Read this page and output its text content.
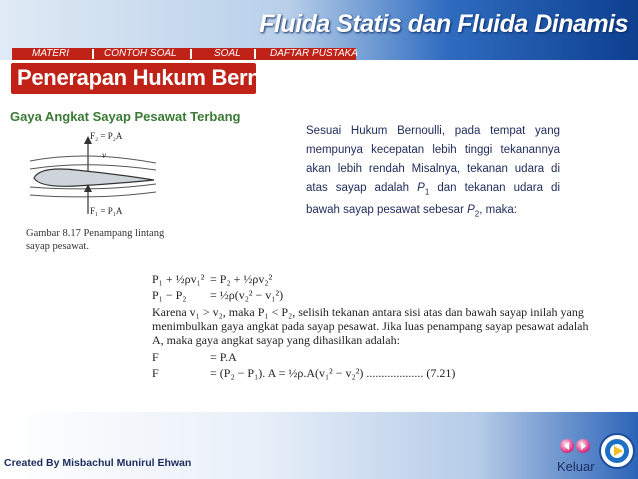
Fluida Statis dan Fluida Dinamis
MATERI	CONTOH SOAL	SOAL	DAFTAR PUSTAKA
Penerapan Hukum Bernoulli
Gaya Angkat Sayap Pesawat Terbang
Sesuai Hukum Bernoulli, pada tempat yang mempunya kecepatan lebih tinggi tekanannya akan lebih rendah Misalnya, tekanan udara di atas sayap adalah $P_1$ dan tekanan udara di bawah sayap pesawat sebesar $P_2$, maka:
F₂ = P₂A
v
F₁ = P₁A
Gambar 8.17 Penampang lintang sayap pesawat.
P₁ + ½ρv₁² = P₂ + ½ρv₂²
P₁ − P₂ = ½ρ(v₂² − v₁²)
Karena v₁ > v₂, maka P₁ < P₂, selisih tekanan antara sisi atas dan bawah sayap inilah yang menimbulkan gaya angkat pada sayap pesawat. Jika luas penampang sayap pesawat adalah A, maka gaya angkat sayap yang dihasilkan adalah:
F	= P.A
F	= (P₂ − P₁). A = ½ρ.A(v₁² − v₂²) ................... (7.21)
Created By Misbachul Munirul Ehwan	Keluar
